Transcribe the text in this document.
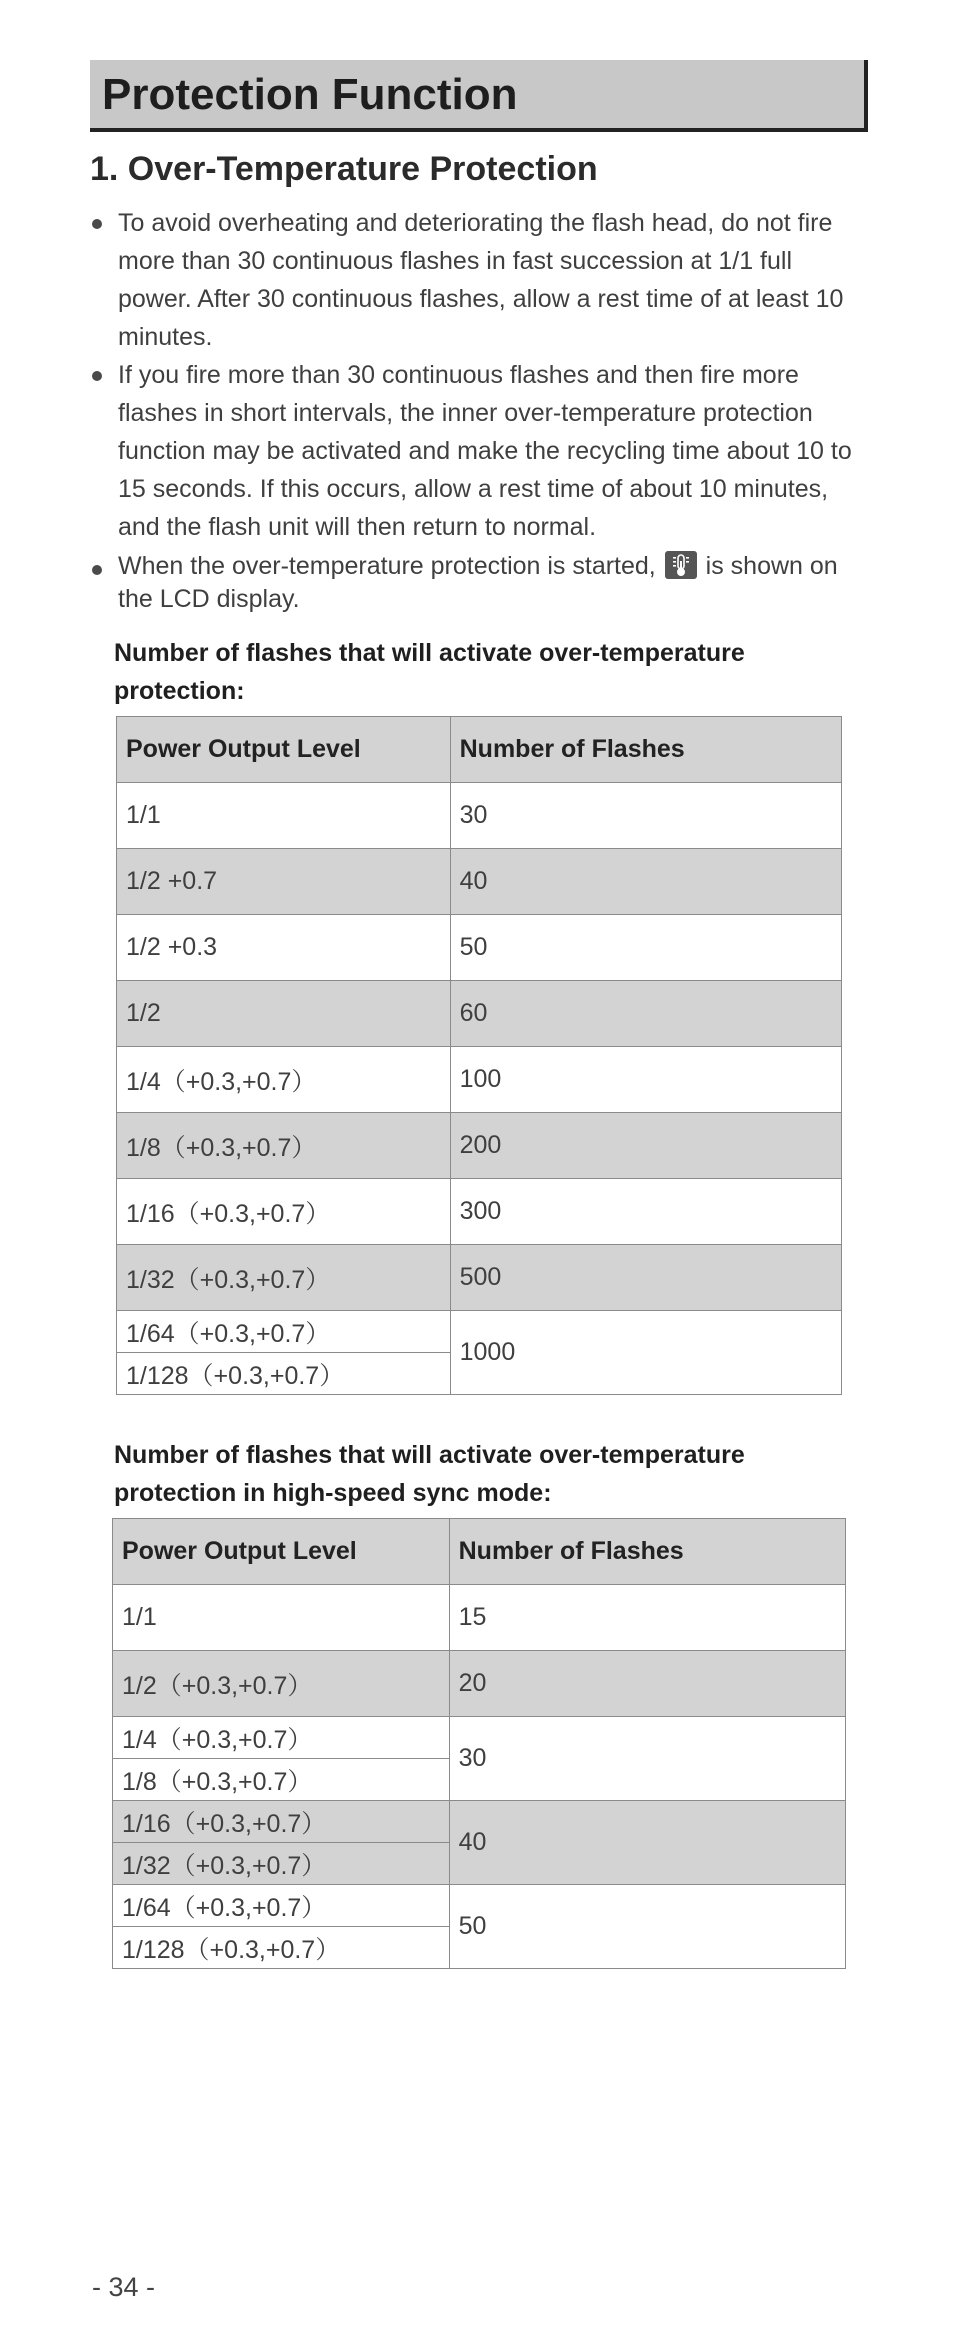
Protection Function
1. Over-Temperature Protection
To avoid overheating and deteriorating the flash head, do not fire more than 30 continuous flashes in fast succession at 1/1 full power. After 30 continuous flashes, allow a rest time of at least 10 minutes.
If you fire more than 30 continuous flashes and then fire more flashes in short intervals, the inner over-temperature protection function may be activated and make the recycling time about 10 to 15 seconds. If this occurs, allow a rest time of about 10 minutes, and the flash unit will then return to normal.
When the over-temperature protection is started, is shown on the LCD display.
Number of flashes that will activate over-temperature protection:
Power Output Level	Number of Flashes
1/1	30
1/2 +0.7	40
1/2 +0.3	50
1/2	60
1/4（+0.3,+0.7）	100
1/8（+0.3,+0.7）	200
1/16（+0.3,+0.7）	300
1/32（+0.3,+0.7）	500
1/64（+0.3,+0.7）	1000
1/128（+0.3,+0.7）	
Number of flashes that will activate over-temperature protection in high-speed sync mode:
Power Output Level	Number of Flashes
1/1	15
1/2（+0.3,+0.7）	20
1/4（+0.3,+0.7）	30
1/8（+0.3,+0.7）	
1/16（+0.3,+0.7）	40
1/32（+0.3,+0.7）	
1/64（+0.3,+0.7）	50
1/128（+0.3,+0.7）	
- 34 -
